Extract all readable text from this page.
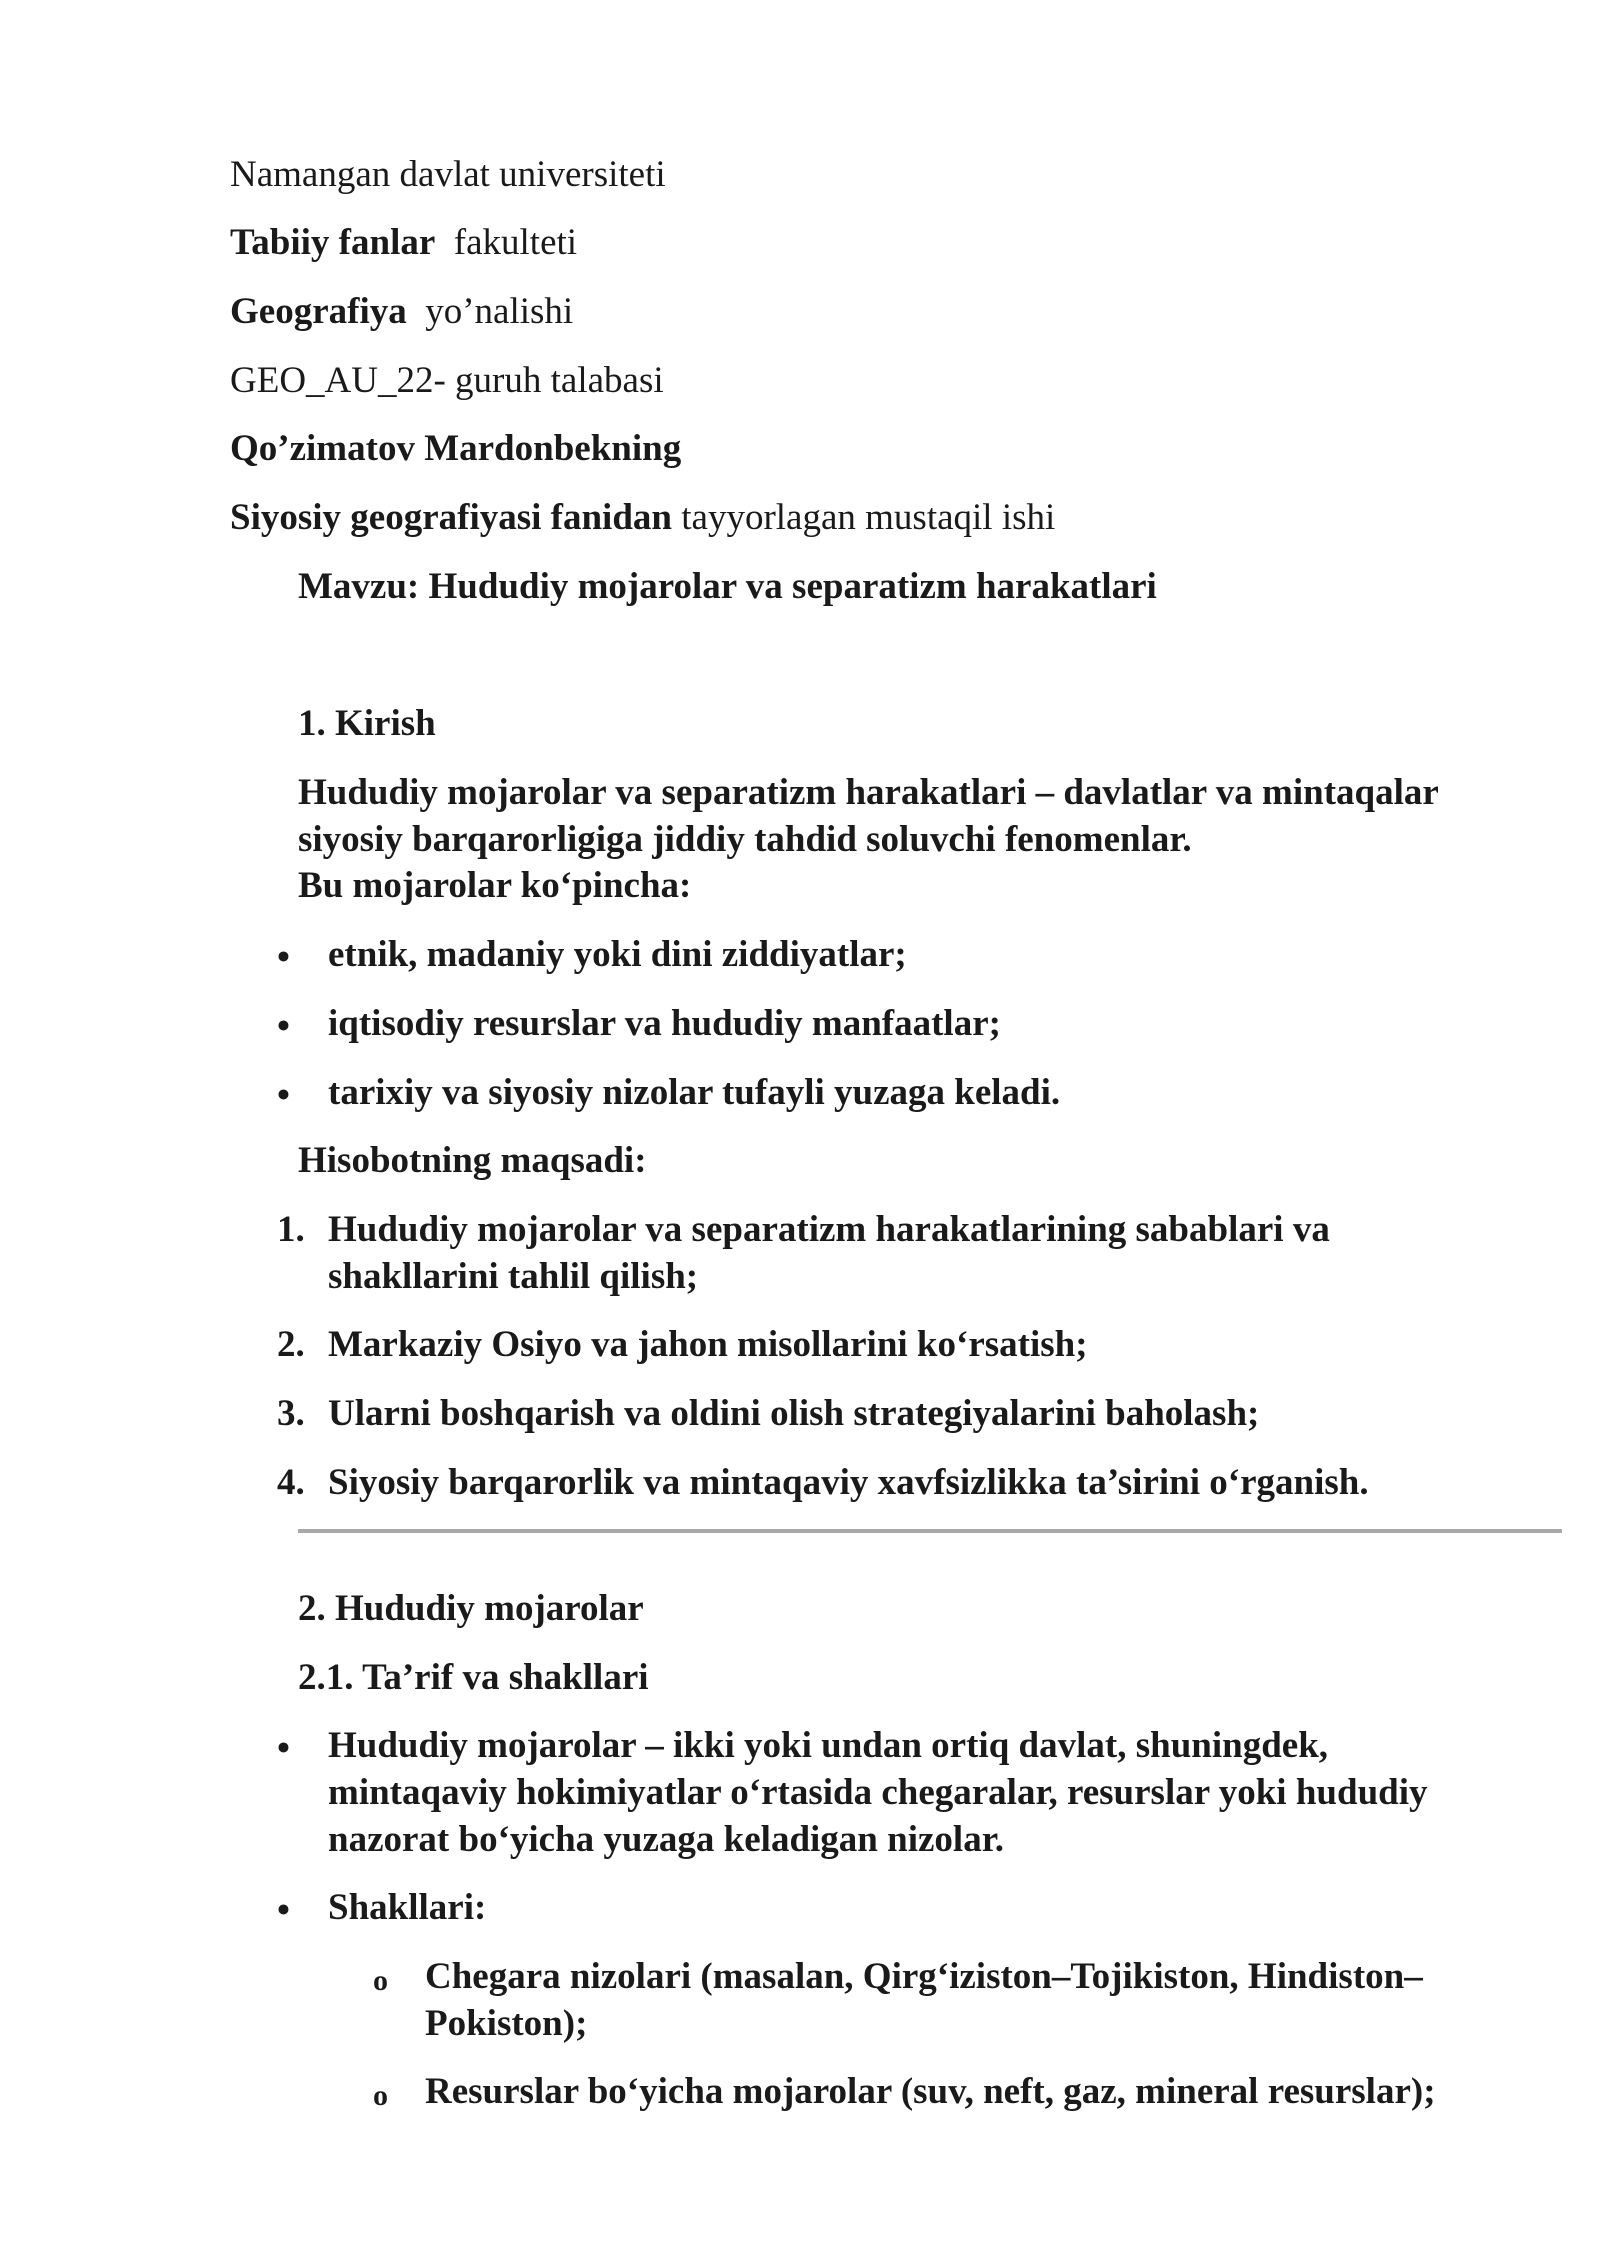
Namangan davlat universiteti
Tabiiy fanlar fakulteti
Geografiya yo’nalishi
GEO_AU_22- guruh talabasi
Qo’zimatov Mardonbekning
Siyosiy geografiyasi fanidan tayyorlagan mustaqil ishi
Mavzu: Hududiy mojarolar va separatizm harakatlari
1. Kirish
Hududiy mojarolar va separatizm harakatlari – davlatlar va mintaqalar
siyosiy barqarorligiga jiddiy tahdid soluvchi fenomenlar.
Bu mojarolar ko‘pincha:
• etnik, madaniy yoki dini ziddiyatlar;
• iqtisodiy resurslar va hududiy manfaatlar;
• tarixiy va siyosiy nizolar tufayli yuzaga keladi.
Hisobotning maqsadi:
1. Hududiy mojarolar va separatizm harakatlarining sabablari va
shakllarini tahlil qilish;
2. Markaziy Osiyo va jahon misollarini ko‘rsatish;
3. Ularni boshqarish va oldini olish strategiyalarini baholash;
4. Siyosiy barqarorlik va mintaqaviy xavfsizlikka ta’sirini o‘rganish.
2. Hududiy mojarolar
2.1. Ta’rif va shakllari
• Hududiy mojarolar – ikki yoki undan ortiq davlat, shuningdek,
mintaqaviy hokimiyatlar o‘rtasida chegaralar, resurslar yoki hududiy
nazorat bo‘yicha yuzaga keladigan nizolar.
• Shakllari:
o Chegara nizolari (masalan, Qirg‘iziston–Tojikiston, Hindiston–
Pokiston);
o Resurslar bo‘yicha mojarolar (suv, neft, gaz, mineral resurslar);
